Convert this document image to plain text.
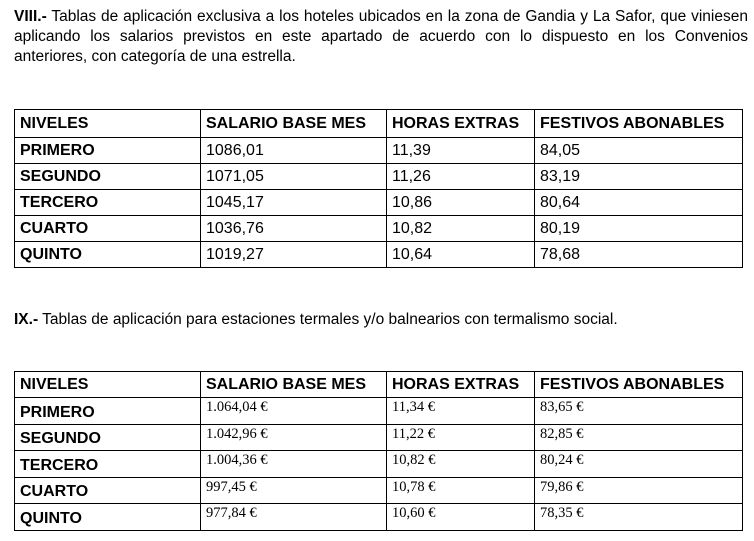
VIII.- Tablas de aplicación exclusiva a los hoteles ubicados en la zona de Gandia y La Safor, que viniesen aplicando los salarios previstos en este apartado de acuerdo con lo dispuesto en los Convenios anteriores, con categoría de una estrella.
NIVELES	SALARIO BASE MES	HORAS EXTRAS	FESTIVOS ABONABLES
PRIMERO	1086,01	11,39	84,05
SEGUNDO	1071,05	11,26	83,19
TERCERO	1045,17	10,86	80,64
CUARTO	1036,76	10,82	80,19
QUINTO	1019,27	10,64	78,68
IX.- Tablas de aplicación para estaciones termales y/o balnearios con termalismo social.
NIVELES	SALARIO BASE MES	HORAS EXTRAS	FESTIVOS ABONABLES
PRIMERO	1.064,04 €	11,34 €	83,65 €
SEGUNDO	1.042,96 €	11,22 €	82,85 €
TERCERO	1.004,36 €	10,82 €	80,24 €
CUARTO	997,45 €	10,78 €	79,86 €
QUINTO	977,84 €	10,60 €	78,35 €
